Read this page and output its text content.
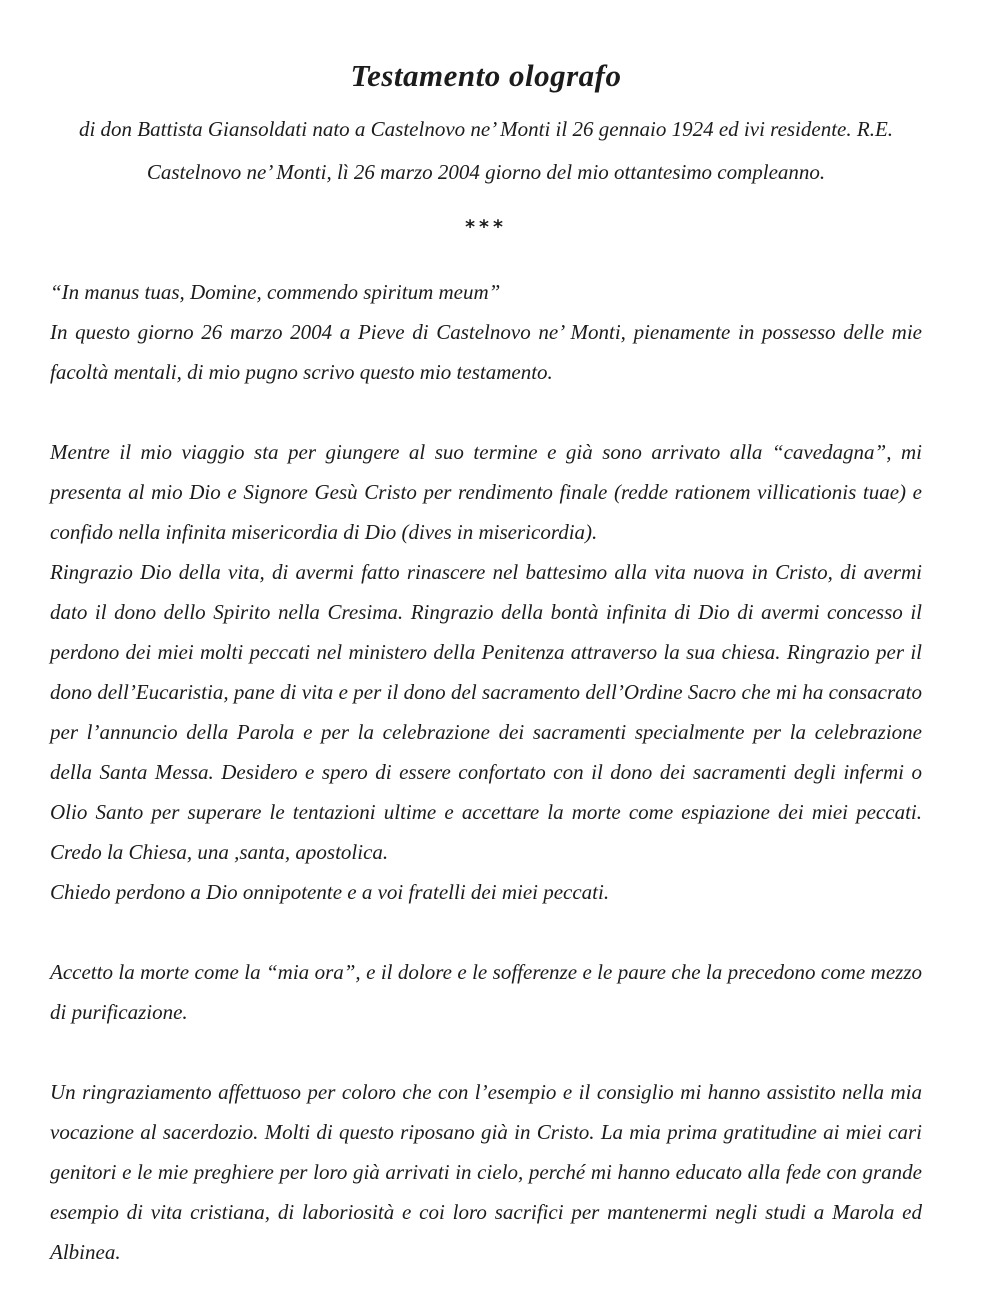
Testamento olografo

di don Battista Giansoldati nato a Castelnovo ne’ Monti il 26 gennaio 1924 ed ivi residente. R.E.

Castelnovo ne’ Monti, lì 26 marzo 2004 giorno del mio ottantesimo compleanno.

***

“In manus tuas, Domine, commendo spiritum meum”

In questo giorno 26 marzo 2004 a Pieve di Castelnovo ne’ Monti, pienamente in possesso delle mie facoltà mentali, di mio pugno scrivo questo mio testamento.

Mentre il mio viaggio sta per giungere al suo termine e già sono arrivato alla “cavedagna”, mi presenta al mio Dio e Signore Gesù Cristo per rendimento finale (redde rationem villicationis tuae) e confido nella infinita misericordia di Dio (dives in misericordia).

Ringrazio Dio della vita, di avermi fatto rinascere nel battesimo alla vita nuova in Cristo, di avermi dato il dono dello Spirito nella Cresima. Ringrazio della bontà infinita di Dio di avermi concesso il perdono dei miei molti peccati nel ministero della Penitenza attraverso la sua chiesa. Ringrazio per il dono dell’Eucaristia, pane di vita e per il dono del sacramento dell’Ordine Sacro che mi ha consacrato per l’annuncio della Parola e per la celebrazione dei sacramenti specialmente per la celebrazione della Santa Messa. Desidero e spero di essere confortato con il dono dei sacramenti degli infermi o Olio Santo per superare le tentazioni ultime e accettare la morte come espiazione dei miei peccati. Credo la Chiesa, una ,santa, apostolica.

Chiedo perdono a Dio onnipotente e a voi fratelli dei miei peccati.

Accetto la morte come la “mia ora”, e il dolore e le sofferenze e le paure che la precedono come mezzo di purificazione.

Un ringraziamento affettuoso per coloro che con l’esempio e il consiglio mi hanno assistito nella mia vocazione al sacerdozio. Molti di questo riposano già in Cristo. La mia prima gratitudine ai miei cari genitori e le mie preghiere per loro già arrivati in cielo, perché mi hanno educato alla fede con grande esempio di vita cristiana, di laboriosità e coi loro sacrifici per mantenermi negli studi a Marola ed Albinea.
